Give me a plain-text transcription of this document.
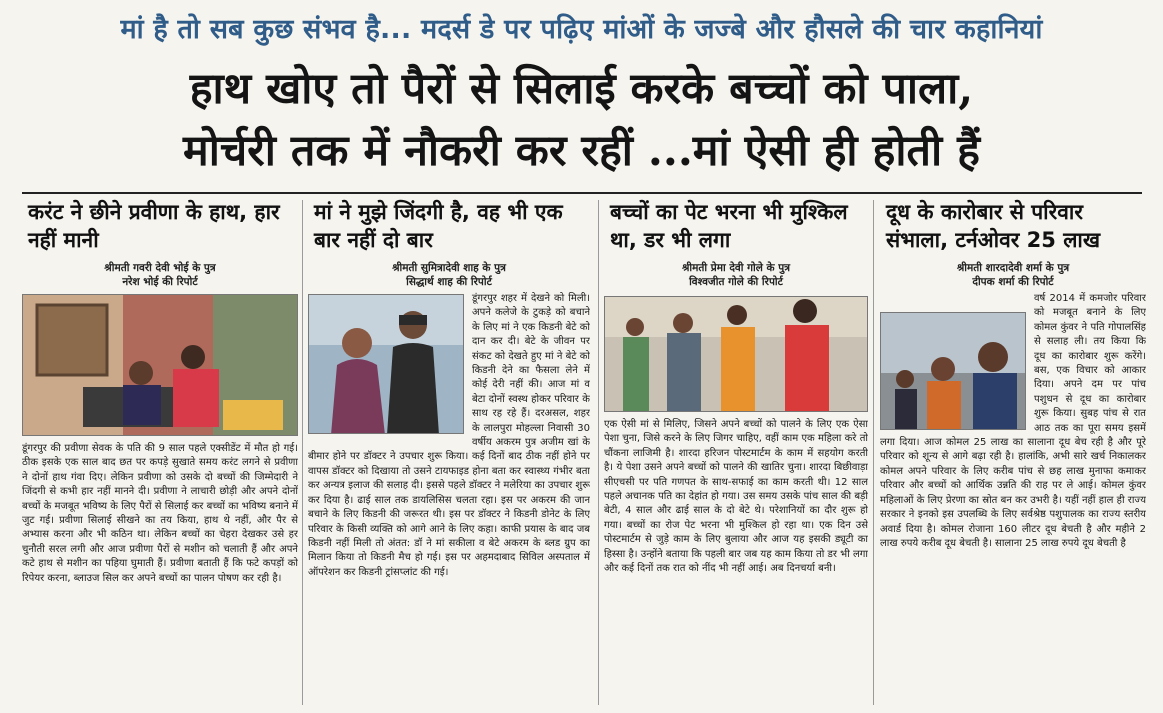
मां है तो सब कुछ संभव है... मदर्स डे पर पढ़िए मांओं के जज्बे और हौसले की चार कहानियां
हाथ खोए तो पैरों से सिलाई करके बच्चों को पाला,
मोर्चरी तक में नौकरी कर रहीं ...मां ऐसी ही होती हैं
करंट ने छीने प्रवीणा के हाथ, हार नहीं मानी
श्रीमती गवरी देवी भोई के पुत्र
नरेश भोई की रिपोर्ट
डूंगरपुर की प्रवीणा सेवक के पति की 9 साल पहले एक्सीडेंट में मौत हो गई। ठीक इसके एक साल बाद छत पर कपड़े सुखाते समय करंट लगने से प्रवीणा ने दोनों हाथ गंवा दिए। लेकिन प्रवीणा को उसके दो बच्चों की जिम्मेदारी ने जिंदगी से कभी हार नहीं मानने दी। प्रवीणा ने लाचारी छोड़ी और अपने दोनों बच्चों के मजबूत भविष्य के लिए पैरों से सिलाई कर बच्चों का भविष्य बनाने में जुट गई। प्रवीणा सिलाई सीखने का तय किया, हाथ थे नहीं, और पैर से अभ्यास करना और भी कठिन था। लेकिन बच्चों का चेहरा देखकर उसे हर चुनौती सरल लगी और आज प्रवीणा पैरों से मशीन को चलाती हैं और अपने कटे हाथ से मशीन का पहिया घुमाती हैं। प्रवीणा बताती हैं कि फटे कपड़ों को रिपेयर करना, ब्लाउज सिल कर अपने बच्चों का पालन पोषण कर रही है।
मां ने मुझे जिंदगी है, वह भी एक बार नहीं दो बार
श्रीमती सुमित्रादेवी शाह के पुत्र
सिद्धार्थ शाह की रिपोर्ट
डूंगरपुर शहर में देखने को मिली। अपने कलेजे के टुकड़े को बचाने के लिए मां ने एक किडनी बेटे को दान कर दी। बेटे के जीवन पर संकट को देखते हुए मां ने बेटे को किडनी देने का फैसला लेने में कोई देरी नहीं की। आज मां व बेटा दोनों स्वस्थ होकर परिवार के साथ रह रहे हैं। दरअसल, शहर के लालपुरा मोहल्ला निवासी 30 वर्षीय अकरम पुत्र अजीम खां के बीमार होने पर डॉक्टर ने उपचार शुरू किया। कई दिनों बाद ठीक नहीं होने पर वापस डॉक्टर को दिखाया तो उसने टायफाइड होना बता कर स्वास्थ्य गंभीर बता कर अन्यत्र इलाज की सलाह दी। इससे पहले डॉक्टर ने मलेरिया का उपचार शुरू कर दिया है। ढाई साल तक डायलिसिस चलता रहा। इस पर अकरम की जान बचाने के लिए किडनी की जरूरत थी। इस पर डॉक्टर ने किडनी डोनेट के लिए परिवार के किसी व्यक्ति को आगे आने के लिए कहा। काफी प्रयास के बाद जब किडनी नहीं मिली तो अंतत: डॉ ने मां सकीला व बेटे अकरम के ब्लड ग्रुप का मिलान किया तो किडनी मैच हो गई। इस पर अहमदाबाद सिविल अस्पताल में ऑपरेशन कर किडनी ट्रांसप्लांट की गई।
बच्चों का पेट भरना भी मुश्किल था, डर भी लगा
श्रीमती प्रेमा देवी गोले के पुत्र
विश्वजीत गोले की रिपोर्ट
एक ऐसी मां से मिलिए, जिसने अपने बच्चों को पालने के लिए एक ऐसा पेशा चुना, जिसे करने के लिए जिगर चाहिए, वहीं काम एक महिला करे तो चौंकना लाजिमी है। शारदा हरिजन पोस्टमार्टम के काम में सहयोग करती है। ये पेशा उसने अपने बच्चों को पालने की खातिर चुना। शारदा बिछीवाड़ा सीएचसी पर पति गणपत के साथ-सफाई का काम करती थी। 12 साल पहले अचानक पति का देहांत हो गया। उस समय उसके पांच साल की बड़ी बेटी, 4 साल और ढाई साल के दो बेटे थे। परेशानियों का दौर शुरू हो गया। बच्चों का रोज पेट भरना भी मुश्किल हो रहा था। एक दिन उसे पोस्टमार्टम से जुड़े काम के लिए बुलाया और आज यह इसकी ड्यूटी का हिस्सा है। उन्होंने बताया कि पहली बार जब यह काम किया तो डर भी लगा और कई दिनों तक रात को नींद भी नहीं आई। अब दिनचर्या बनी।
दूध के कारोबार से परिवार संभाला, टर्नओवर 25 लाख
श्रीमती शारदादेवी शर्मा के पुत्र
दीपक शर्मा की रिपोर्ट
वर्ष 2014 में कमजोर परिवार को मजबूत बनाने के लिए कोमल कुंवर ने पति गोपालसिंह से सलाह ली। तय किया कि दूध का कारोबार शुरू करेंगे। बस, एक विचार को आकार दिया। अपने दम पर पांच पशुधन से दूध का कारोबार शुरू किया। सुबह पांच से रात आठ तक का पूरा समय इसमें लगा दिया। आज कोमल 25 लाख का सालाना दूध बेच रही है और पूरे परिवार को शून्य से आगे बढ़ा रही है। हालांकि, अभी सारे खर्च निकालकर कोमल अपने परिवार के लिए करीब पांच से छह लाख मुनाफा कमाकर परिवार और बच्चों को आर्थिक उन्नति की राह पर ले आई। कोमल कुंवर महिलाओं के लिए प्रेरणा का स्रोत बन कर उभरी है। यहीं नहीं हाल ही राज्य सरकार ने इनको इस उपलब्धि के लिए सर्वश्रेष्ठ पशुपालक का राज्य स्तरीय अवार्ड दिया है। कोमल रोजाना 160 लीटर दूध बेचती है और महीने 2 लाख रुपये करीब दूध बेचती है। सालाना 25 लाख रुपये दूध बेचती है
